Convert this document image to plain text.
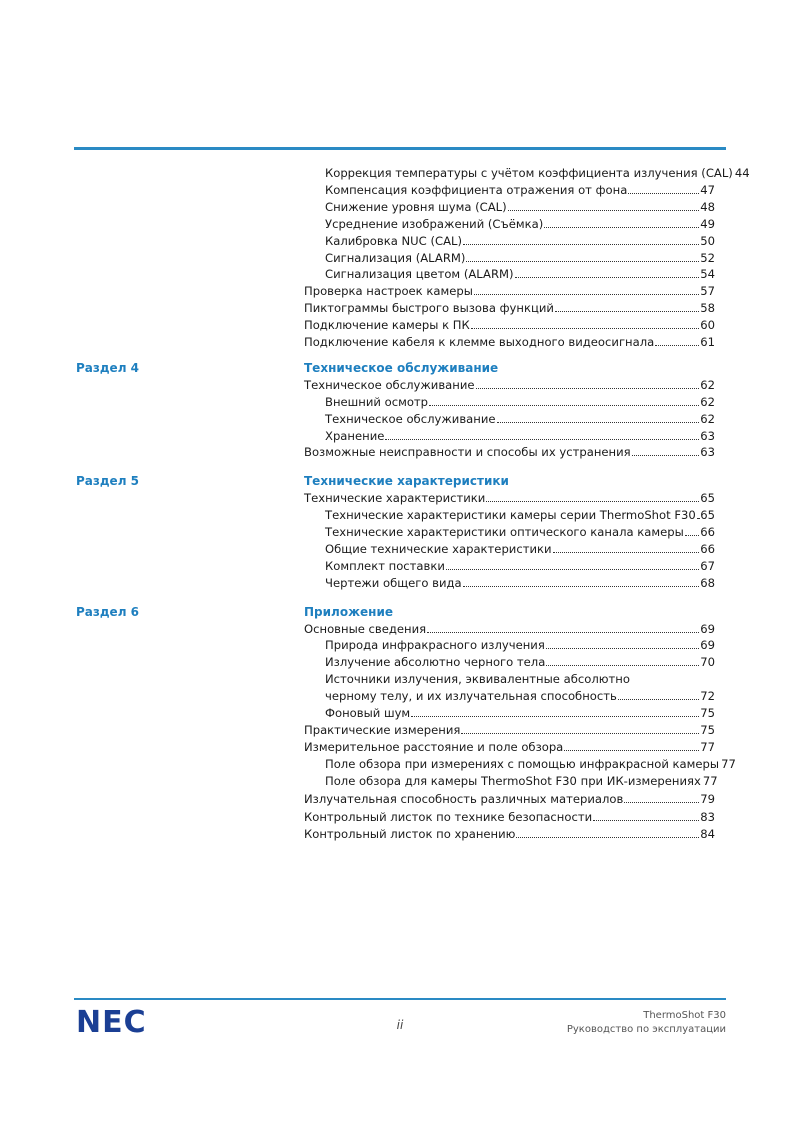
Коррекция температуры с учётом коэффициента излучения (CAL) 44
Компенсация коэффициента отражения от фона	47
Снижение уровня шума (CAL)	48
Усреднение изображений (Съёмка)	49
Калибровка NUC (CAL)	50
Сигнализация (ALARM)	52
Сигнализация цветом (ALARM)	54
Проверка настроек камеры	57
Пиктограммы быстрого вызова функций	58
Подключение камеры к ПК	60
Подключение кабеля к клемме выходного видеосигнала	61
Раздел 4	Техническое обслуживание
Техническое обслуживание	62
Внешний осмотр	62
Техническое обслуживание	62
Хранение	63
Возможные неисправности и способы их устранения	63
Раздел 5	Технические характеристики
Технические характеристики	65
Технические характеристики камеры серии ThermoShot F30 65
Технические характеристики оптического канала камеры 66
Общие технические характеристики	66
Комплект поставки	67
Чертежи общего вида	68
Раздел 6	Приложение
Основные сведения	69
Природа инфракрасного излучения	69
Излучение абсолютно черного тела	70
Источники излучения, эквивалентные абсолютно
черному телу, и их излучательная способность	72
Фоновый шум	75
Практические измерения	75
Измерительное расстояние и поле обзора	77
Поле обзора при измерениях с помощью инфракрасной камеры 77
Поле обзора для камеры ThermoShot F30 при ИК-измерениях 77
Излучательная способность различных материалов	79
Контрольный листок по технике безопасности	83
Контрольный листок по хранению	84
NEC	ii
ThermoShot F30
Руководство по эксплуатации
